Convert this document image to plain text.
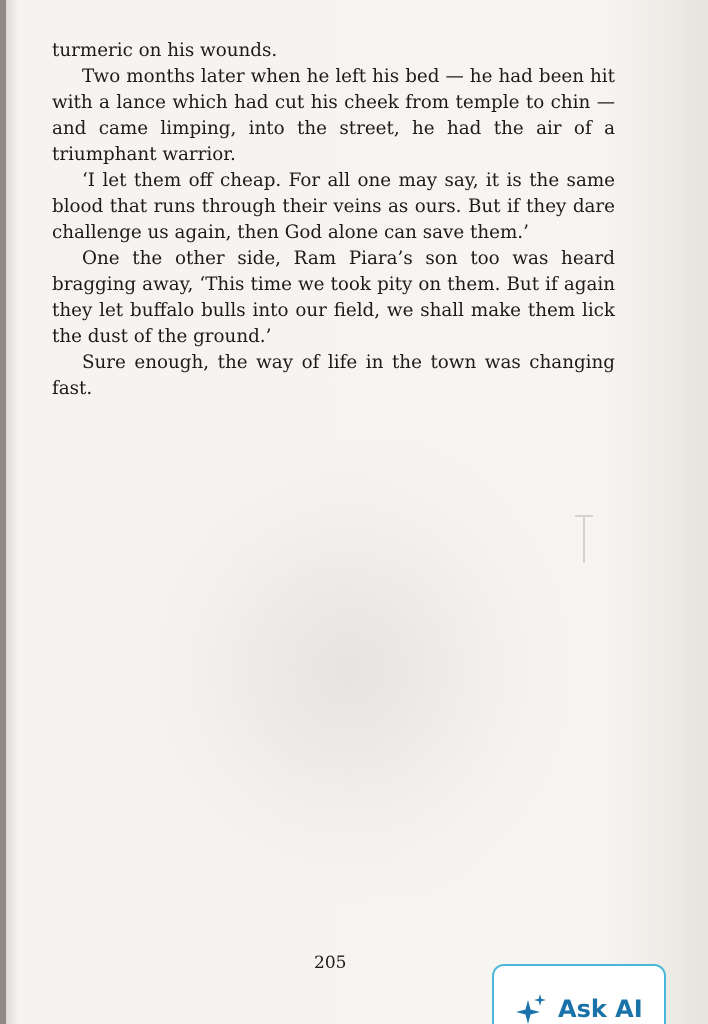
turmeric on his wounds.

Two months later when he left his bed — he had been hit with a lance which had cut his cheek from temple to chin — and came limping, into the street, he had the air of a triumphant warrior.

‘I let them off cheap. For all one may say, it is the same blood that runs through their veins as ours. But if they dare challenge us again, then God alone can save them.’

One the other side, Ram Piara’s son too was heard bragging away, ‘This time we took pity on them. But if again they let buffalo bulls into our field, we shall make them lick the dust of the ground.’

Sure enough, the way of life in the town was changing fast.

205
Ask AI
